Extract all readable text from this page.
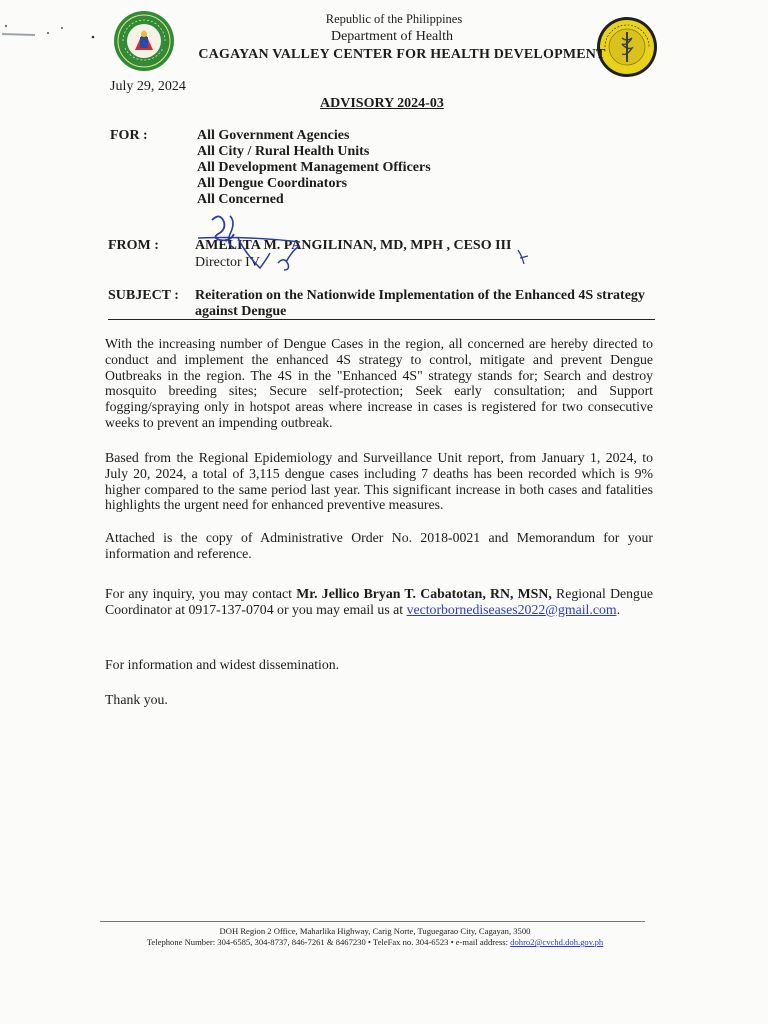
Republic of the Philippines
Department of Health
CAGAYAN VALLEY CENTER FOR HEALTH DEVELOPMENT
July 29, 2024
ADVISORY 2024-03
FOR :	All Government Agencies
All City / Rural Health Units
All Development Management Officers
All Dengue Coordinators
All Concerned
FROM :	AMELITA M. PANGILINAN, MD, MPH , CESO III
Director IV
SUBJECT : Reiteration on the Nationwide Implementation of the Enhanced 4S strategy against Dengue
With the increasing number of Dengue Cases in the region, all concerned are hereby directed to conduct and implement the enhanced 4S strategy to control, mitigate and prevent Dengue Outbreaks in the region. The 4S in the "Enhanced 4S" strategy stands for; Search and destroy mosquito breeding sites; Secure self-protection; Seek early consultation; and Support fogging/spraying only in hotspot areas where increase in cases is registered for two consecutive weeks to prevent an impending outbreak.
Based from the Regional Epidemiology and Surveillance Unit report, from January 1, 2024, to July 20, 2024, a total of 3,115 dengue cases including 7 deaths has been recorded which is 9% higher compared to the same period last year. This significant increase in both cases and fatalities highlights the urgent need for enhanced preventive measures.
Attached is the copy of Administrative Order No. 2018-0021 and Memorandum for your information and reference.
For any inquiry, you may contact Mr. Jellico Bryan T. Cabatotan, RN, MSN, Regional Dengue Coordinator at 0917-137-0704 or you may email us at vectorbornediseases2022@gmail.com.
For information and widest dissemination.
Thank you.
DOH Region 2 Office, Maharlika Highway, Carig Norte, Tuguegarao City, Cagayan, 3500
Telephone Number: 304-6585, 304-8737, 846-7261 & 8467230 • TeleFax no. 304-6523 • e-mail address: dohro2@cvchd.doh.gov.ph
